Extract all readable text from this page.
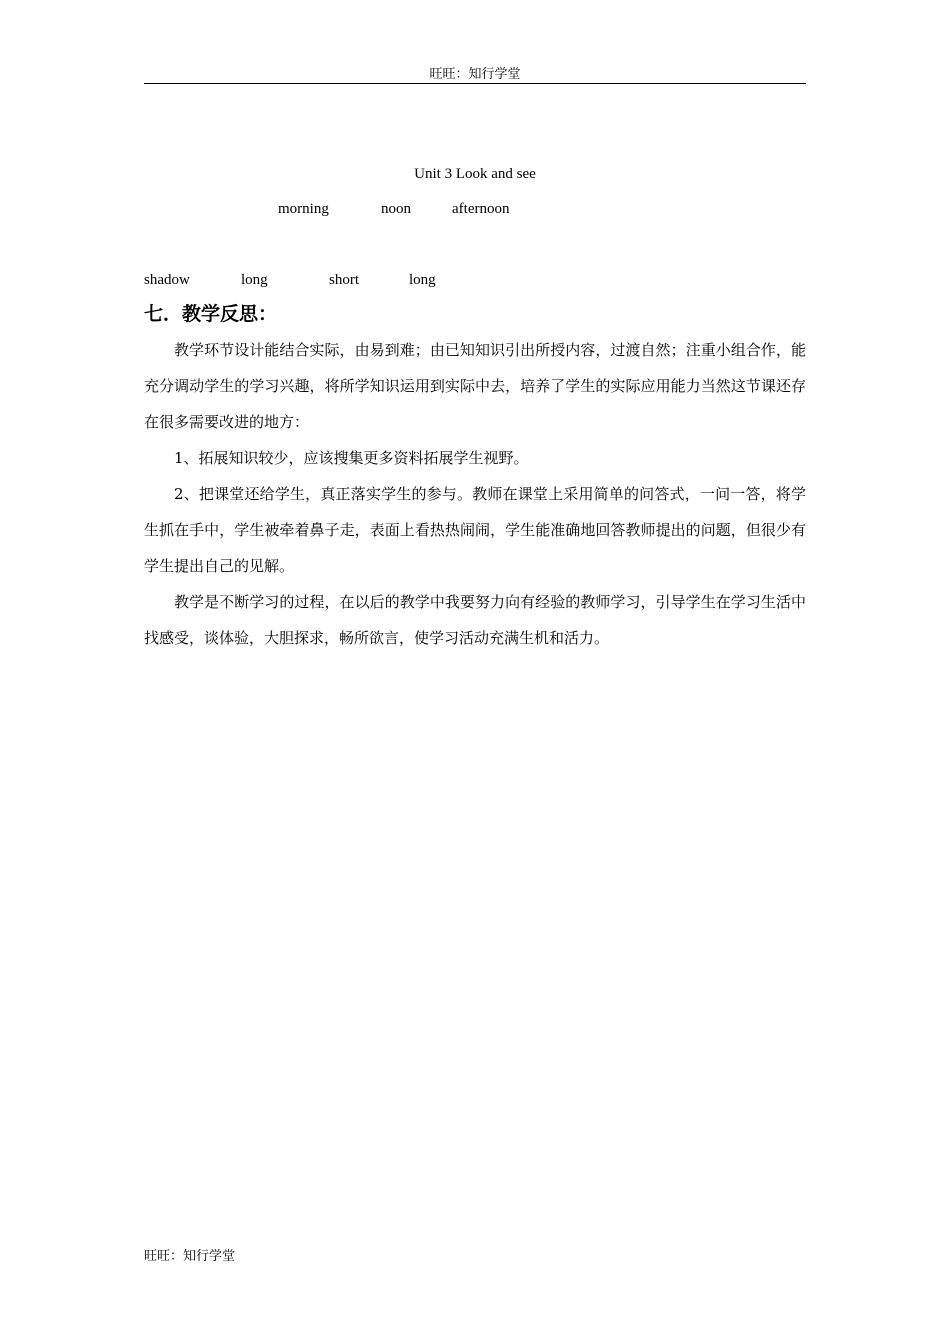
旺旺：知行学堂
Unit 3 Look and see
morning	noon	afternoon
shadow	long	short	long
七．教学反思：
教学环节设计能结合实际，由易到难；由已知知识引出所授内容，过渡自然；注重小组合作，能充分调动学生的学习兴趣，将所学知识运用到实际中去，培养了学生的实际应用能力当然这节课还存在很多需要改进的地方：
1、拓展知识较少，应该搜集更多资料拓展学生视野。
2、把课堂还给学生，真正落实学生的参与。教师在课堂上采用简单的问答式，一问一答，将学生抓在手中，学生被牵着鼻子走，表面上看热热闹闹，学生能准确地回答教师提出的问题，但很少有学生提出自己的见解。
教学是不断学习的过程，在以后的教学中我要努力向有经验的教师学习，引导学生在学习生活中找感受，谈体验，大胆探求，畅所欲言，使学习活动充满生机和活力。
旺旺：知行学堂
